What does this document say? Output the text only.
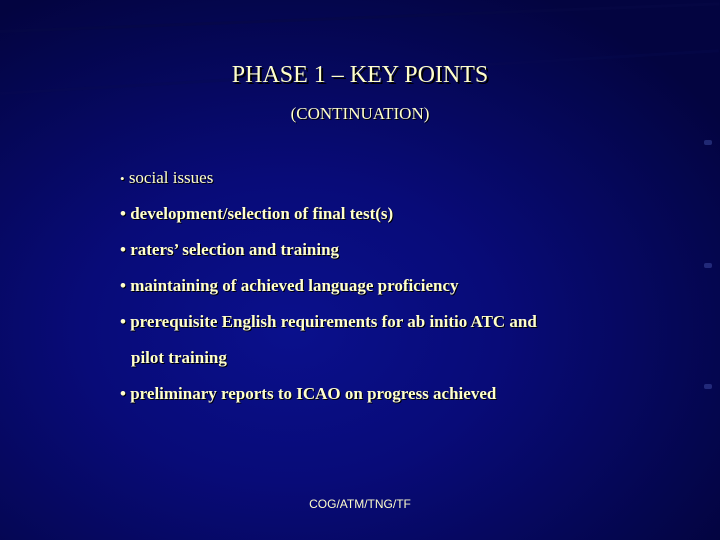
PHASE 1 – KEY POINTS
(CONTINUATION)
• social issues
• development/selection of final test(s)
• raters’ selection and training
• maintaining of achieved language proficiency
• prerequisite English requirements for ab initio ATC and
pilot training
• preliminary reports to ICAO on progress achieved
COG/ATM/TNG/TF
